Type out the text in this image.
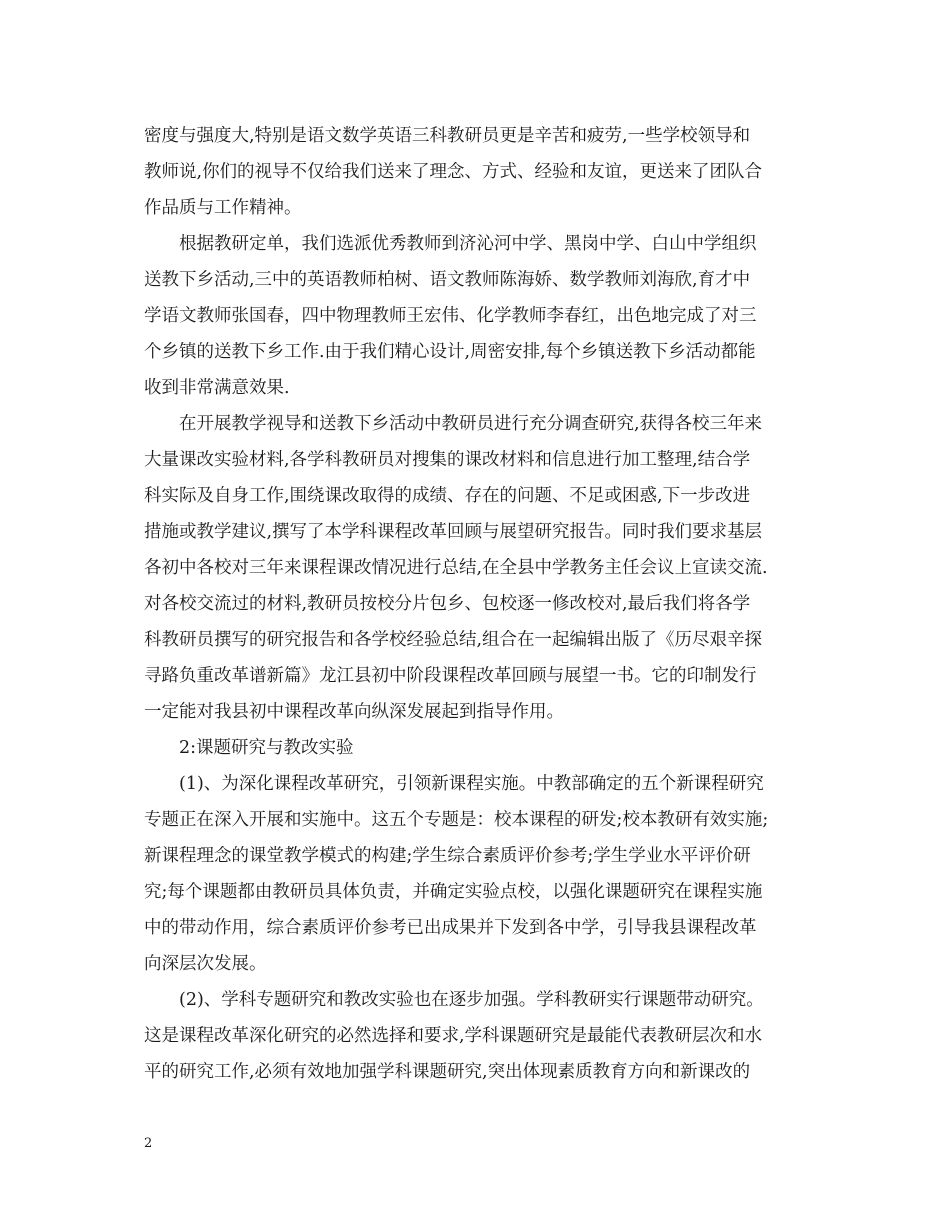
密度与强度大,特别是语文数学英语三科教研员更是辛苦和疲劳,一些学校领导和
教师说,你们的视导不仅给我们送来了理念、方式、经验和友谊，更送来了团队合
作品质与工作精神。
根据教研定单，我们选派优秀教师到济沁河中学、黑岗中学、白山中学组织
送教下乡活动,三中的英语教师柏树、语文教师陈海娇、数学教师刘海欣,育才中
学语文教师张国春，四中物理教师王宏伟、化学教师李春红，出色地完成了对三
个乡镇的送教下乡工作.由于我们精心设计,周密安排,每个乡镇送教下乡活动都能
收到非常满意效果.
在开展教学视导和送教下乡活动中教研员进行充分调查研究,获得各校三年来
大量课改实验材料,各学科教研员对搜集的课改材料和信息进行加工整理,结合学
科实际及自身工作,围绕课改取得的成绩、存在的问题、不足或困惑,下一步改进
措施或教学建议,撰写了本学科课程改革回顾与展望研究报告。同时我们要求基层
各初中各校对三年来课程课改情况进行总结,在全县中学教务主任会议上宣读交流.
对各校交流过的材料,教研员按校分片包乡、包校逐一修改校对,最后我们将各学
科教研员撰写的研究报告和各学校经验总结,组合在一起编辑出版了《历尽艰辛探
寻路负重改革谱新篇》龙江县初中阶段课程改革回顾与展望一书。它的印制发行
一定能对我县初中课程改革向纵深发展起到指导作用。
2:课题研究与教改实验
(1)、为深化课程改革研究，引领新课程实施。中教部确定的五个新课程研究
专题正在深入开展和实施中。这五个专题是：校本课程的研发;校本教研有效实施;
新课程理念的课堂教学模式的构建;学生综合素质评价参考;学生学业水平评价研
究;每个课题都由教研员具体负责，并确定实验点校，以强化课题研究在课程实施
中的带动作用，综合素质评价参考已出成果并下发到各中学，引导我县课程改革
向深层次发展。
(2)、学科专题研究和教改实验也在逐步加强。学科教研实行课题带动研究。
这是课程改革深化研究的必然选择和要求,学科课题研究是最能代表教研层次和水
平的研究工作,必须有效地加强学科课题研究,突出体现素质教育方向和新课改的
2
